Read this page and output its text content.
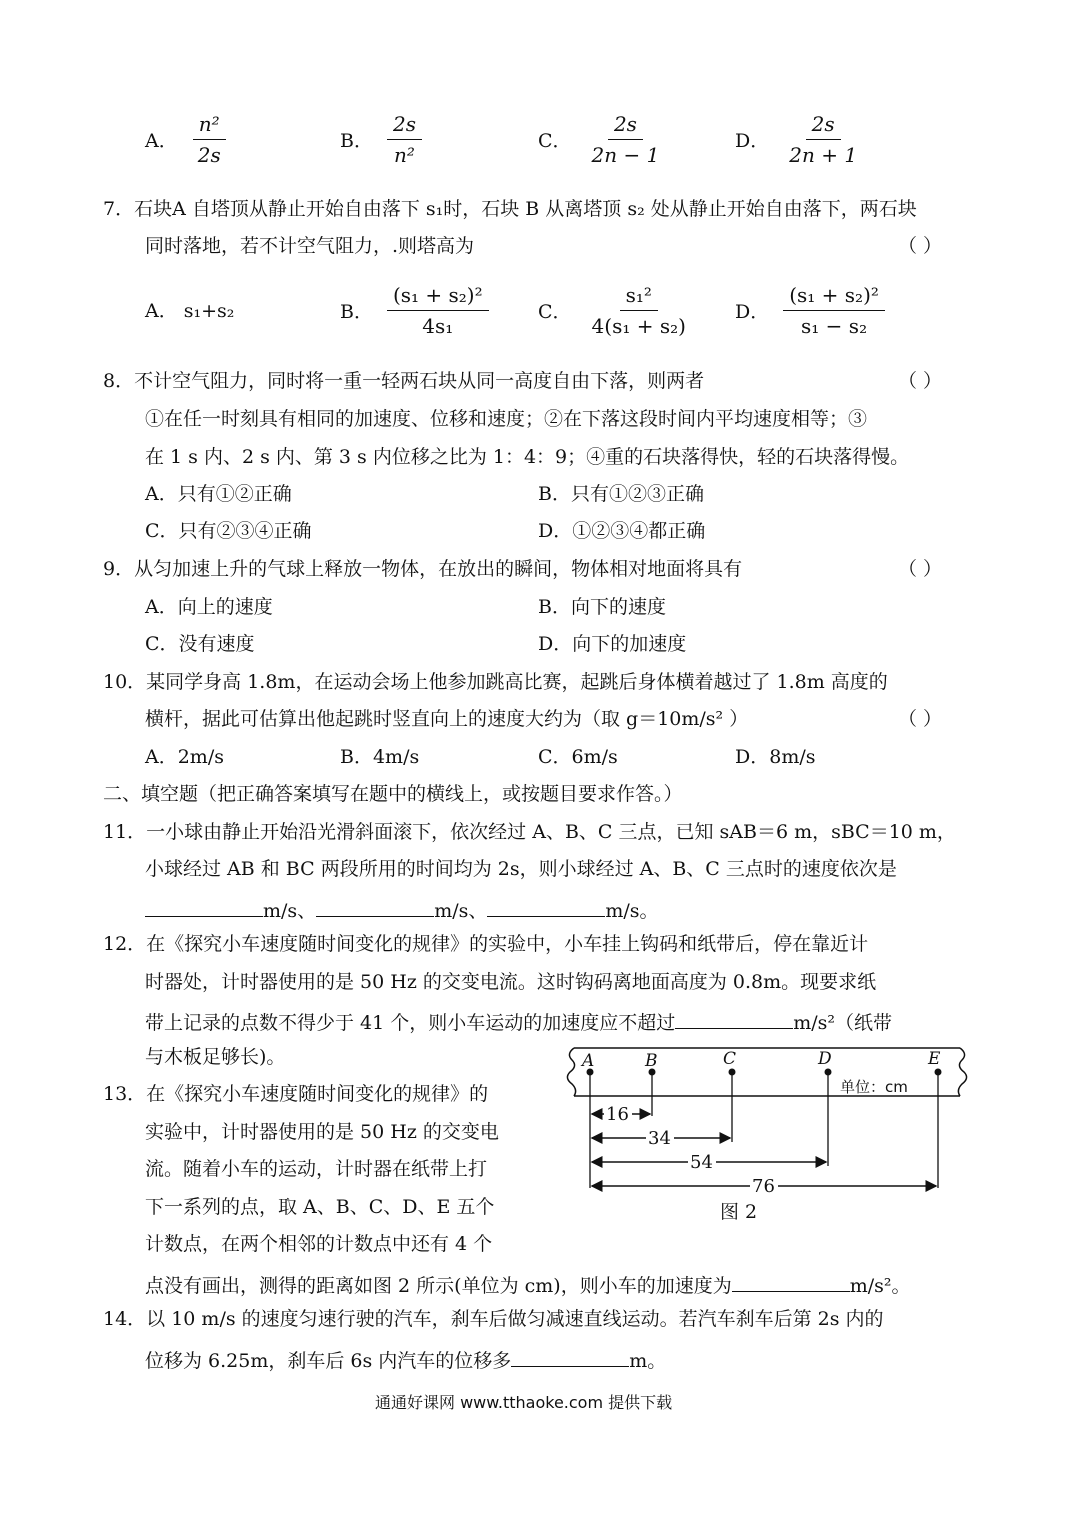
A． $\frac{\text{n²}}{2s}$	B． $\frac{2s}{\text{n²}}$	C． $\frac{2s}{2n - 1}$	D． $\frac{2s}{2n + 1}$
7．石块A 自塔顶从静止开始自由落下 s₁时，石块 B 从离塔顶 s₂ 处从静止开始自由落下，两石块
同时落地，若不计空气阻力，.则塔高为	（ ）
A． s₁+s₂	B． $\frac{\text{(s₁ + s₂)²}}{\text{4s₁}}$	C． $\frac{\text{s₁²}}{\text{4(s₁ + s₂)}}$ D． $\frac{\text{(s₁ + s₂)²}}{\text{s₁ − s₂}}$
8．不计空气阻力，同时将一重一轻两石块从同一高度自由下落，则两者	（ ）
①在任一时刻具有相同的加速度、位移和速度；②在下落这段时间内平均速度相等；③
在 1 s 内、2 s 内、第 3 s 内位移之比为 1：4：9；④重的石块落得快，轻的石块落得慢。
A．只有①②正确	B．只有①②③正确
C．只有②③④正确	D．①②③④都正确
9．从匀加速上升的气球上释放一物体，在放出的瞬间，物体相对地面将具有	（ ）
A．向上的速度	B．向下的速度
C．没有速度	D．向下的加速度
10．某同学身高 1.8m，在运动会场上他参加跳高比赛，起跳后身体横着越过了 1.8m 高度的
横杆，据此可估算出他起跳时竖直向上的速度大约为（取 g＝10m/s² ）	（ ）
A．2m/s	B．4m/s	C．6m/s	D．8m/s
二、填空题（把正确答案填写在题中的横线上，或按题目要求作答。）
11．一小球由静止开始沿光滑斜面滚下，依次经过 A、B、C 三点，已知 sAB＝6 m，sBC＝10 m，
小球经过 AB 和 BC 两段所用的时间均为 2s，则小球经过 A、B、C 三点时的速度依次是
m/s、	m/s、	m/s。
12．在《探究小车速度随时间变化的规律》的实验中，小车挂上钩码和纸带后，停在靠近计
时器处，计时器使用的是 50 Hz 的交变电流。这时钩码离地面高度为 0.8m。现要求纸
带上记录的点数不得少于 41 个，则小车运动的加速度应不超过	m/s²（纸带
与木板足够长)。
13．在《探究小车速度随时间变化的规律》的
实验中，计时器使用的是 50 Hz 的交变电
流。随着小车的运动，计时器在纸带上打
下一系列的点，取 A、B、C、D、E 五个
计数点，在两个相邻的计数点中还有 4 个
点没有画出，测得的距离如图 2 所示(单位为 cm)，则小车的加速度为	m/s²。
A	B	C	D	E
单位：cm
16
34
54
76
图 2
14．以 10 m/s 的速度匀速行驶的汽车，刹车后做匀减速直线运动。若汽车刹车后第 2s 内的
位移为 6.25m，刹车后 6s 内汽车的位移多	m。
通通好课网 www.tthaoke.com 提供下载
